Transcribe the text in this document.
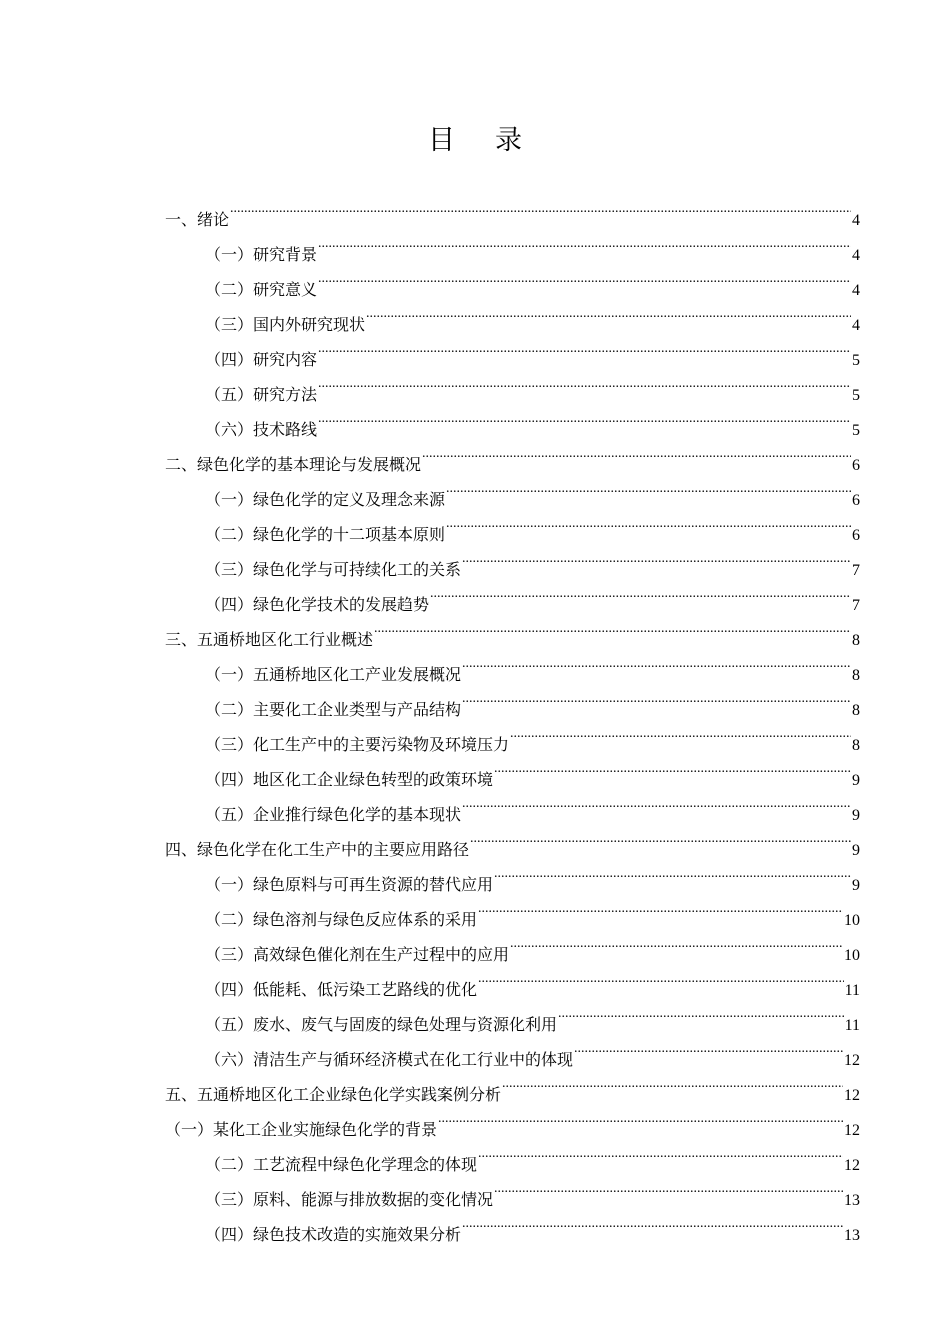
目 录
一、绪论 .....	4
（一）研究背景 .....	4
（二）研究意义 .....	4
（三）国内外研究现状 .....	4
（四）研究内容 .....	5
（五）研究方法 .....	5
（六）技术路线 .....	5
二、绿色化学的基本理论与发展概况 .....	6
（一）绿色化学的定义及理念来源 .....	6
（二）绿色化学的十二项基本原则 .....	6
（三）绿色化学与可持续化工的关系 .....	7
（四）绿色化学技术的发展趋势 .....	7
三、五通桥地区化工行业概述 .....	8
（一）五通桥地区化工产业发展概况 .....	8
（二）主要化工企业类型与产品结构 .....	8
（三）化工生产中的主要污染物及环境压力 .....	8
（四）地区化工企业绿色转型的政策环境 .....	9
（五）企业推行绿色化学的基本现状 .....	9
四、绿色化学在化工生产中的主要应用路径 .....	9
（一）绿色原料与可再生资源的替代应用 .....	9
（二）绿色溶剂与绿色反应体系的采用 .....	10
（三）高效绿色催化剂在生产过程中的应用 .....	10
（四）低能耗、低污染工艺路线的优化 .....	11
（五）废水、废气与固废的绿色处理与资源化利用 .....	11
（六）清洁生产与循环经济模式在化工行业中的体现 .....	12
五、五通桥地区化工企业绿色化学实践案例分析 .....	12
（一）某化工企业实施绿色化学的背景 .....	12
（二）工艺流程中绿色化学理念的体现 .....	12
（三）原料、能源与排放数据的变化情况 .....	13
（四）绿色技术改造的实施效果分析 .....	13
